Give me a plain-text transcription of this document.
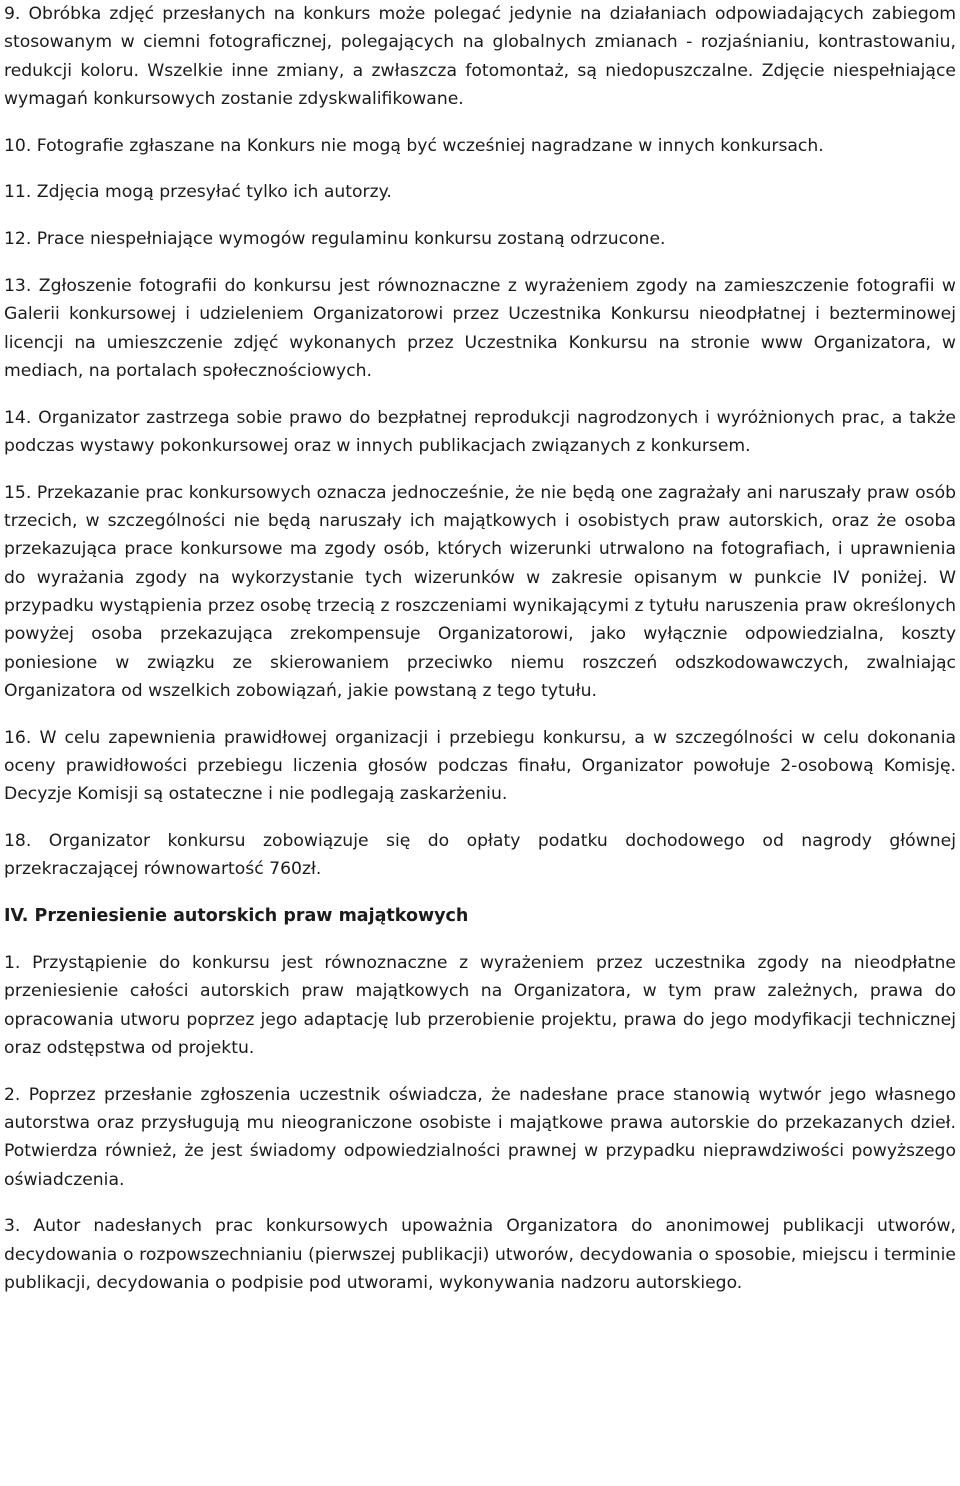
9. Obróbka zdjęć przesłanych na konkurs może polegać jedynie na działaniach odpowiadających zabiegom stosowanym w ciemni fotograficznej, polegających na globalnych zmianach - rozjaśnianiu, kontrastowaniu, redukcji koloru. Wszelkie inne zmiany, a zwłaszcza fotomontaż, są niedopuszczalne. Zdjęcie niespełniające wymagań konkursowych zostanie zdyskwalifikowane.

10. Fotografie zgłaszane na Konkurs nie mogą być wcześniej nagradzane w innych konkursach.

11. Zdjęcia mogą przesyłać tylko ich autorzy.

12. Prace niespełniające wymogów regulaminu konkursu zostaną odrzucone.

13. Zgłoszenie fotografii do konkursu jest równoznaczne z wyrażeniem zgody na zamieszczenie fotografii w Galerii konkursowej i udzieleniem Organizatorowi przez Uczestnika Konkursu nieodpłatnej i bezterminowej licencji na umieszczenie zdjęć wykonanych przez Uczestnika Konkursu na stronie www Organizatora, w mediach, na portalach społecznościowych.

14. Organizator zastrzega sobie prawo do bezpłatnej reprodukcji nagrodzonych i wyróżnionych prac, a także podczas wystawy pokonkursowej oraz w innych publikacjach związanych z konkursem.

15. Przekazanie prac konkursowych oznacza jednocześnie, że nie będą one zagrażały ani naruszały praw osób trzecich, w szczególności nie będą naruszały ich majątkowych i osobistych praw autorskich, oraz że osoba przekazująca prace konkursowe ma zgody osób, których wizerunki utrwalono na fotografiach, i uprawnienia do wyrażania zgody na wykorzystanie tych wizerunków w zakresie opisanym w punkcie IV poniżej. W przypadku wystąpienia przez osobę trzecią z roszczeniami wynikającymi z tytułu naruszenia praw określonych powyżej osoba przekazująca zrekompensuje Organizatorowi, jako wyłącznie odpowiedzialna, koszty poniesione w związku ze skierowaniem przeciwko niemu roszczeń odszkodowawczych, zwalniając Organizatora od wszelkich zobowiązań, jakie powstaną z tego tytułu.

16. W celu zapewnienia prawidłowej organizacji i przebiegu konkursu, a w szczególności w celu dokonania oceny prawidłowości przebiegu liczenia głosów podczas finału, Organizator powołuje 2-osobową Komisję. Decyzje Komisji są ostateczne i nie podlegają zaskarżeniu.

18. Organizator konkursu zobowiązuje się do opłaty podatku dochodowego od nagrody głównej przekraczającej równowartość 760zł.

IV. Przeniesienie autorskich praw majątkowych

1. Przystąpienie do konkursu jest równoznaczne z wyrażeniem przez uczestnika zgody na nieodpłatne przeniesienie całości autorskich praw majątkowych na Organizatora, w tym praw zależnych, prawa do opracowania utworu poprzez jego adaptację lub przerobienie projektu, prawa do jego modyfikacji technicznej oraz odstępstwa od projektu.

2. Poprzez przesłanie zgłoszenia uczestnik oświadcza, że nadesłane prace stanowią wytwór jego własnego autorstwa oraz przysługują mu nieograniczone osobiste i majątkowe prawa autorskie do przekazanych dzieł. Potwierdza również, że jest świadomy odpowiedzialności prawnej w przypadku nieprawdziwości powyższego oświadczenia.

3. Autor nadesłanych prac konkursowych upoważnia Organizatora do anonimowej publikacji utworów, decydowania o rozpowszechnianiu (pierwszej publikacji) utworów, decydowania o sposobie, miejscu i terminie publikacji, decydowania o podpisie pod utworami, wykonywania nadzoru autorskiego.
